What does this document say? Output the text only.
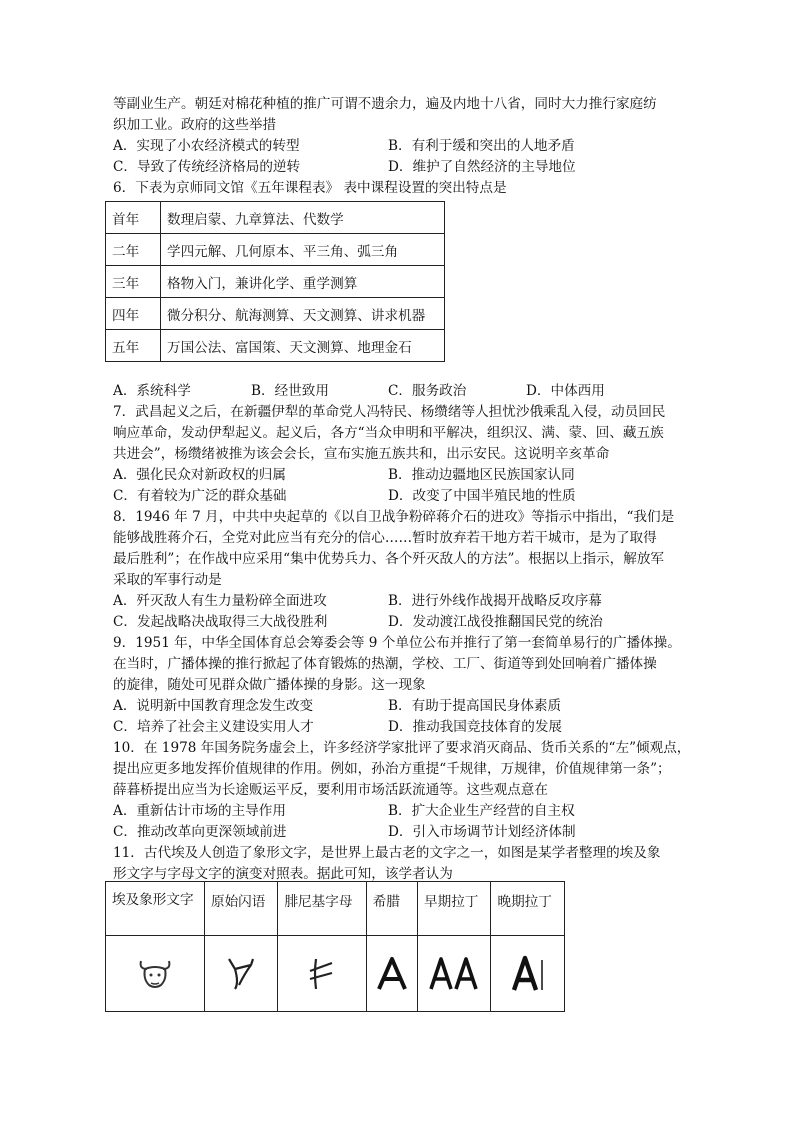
等副业生产。朝廷对棉花种植的推广可谓不遗余力，遍及内地十八省，同时大力推行家庭纺
织加工业。政府的这些举措
A．实现了小农经济模式的转型	B．有利于缓和突出的人地矛盾
C．导致了传统经济格局的逆转	D．维护了自然经济的主导地位
6．下表为京师同文馆《五年课程表》 表中课程设置的突出特点是
首年	数理启蒙、九章算法、代数学
二年	学四元解、几何原本、平三角、弧三角
三年	格物入门，兼讲化学、重学测算
四年	微分积分、航海测算、天文测算、讲求机器
五年	万国公法、富国策、天文测算、地理金石
A．系统科学	B．经世致用	C．服务政治	D．中体西用
7．武昌起义之后，在新疆伊犁的革命党人冯特民、杨缵绪等人担忧沙俄乘乱入侵，动员回民
响应革命，发动伊犁起义。起义后，各方“当众申明和平解决，组织汉、满、蒙、回、藏五族
共进会”，杨缵绪被推为该会会长，宣布实施五族共和，出示安民。这说明辛亥革命
A．强化民众对新政权的归属	B．推动边疆地区民族国家认同
C．有着较为广泛的群众基础	D．改变了中国半殖民地的性质
8．1946 年 7 月，中共中央起草的《以自卫战争粉碎蒋介石的进攻》等指示中指出，“我们是
能够战胜蒋介石，全党对此应当有充分的信心……暂时放弃若干地方若干城市，是为了取得
最后胜利”；在作战中应采用“集中优势兵力、各个歼灭敌人的方法”。根据以上指示，解放军
采取的军事行动是
A．歼灭敌人有生力量粉碎全面进攻	B．进行外线作战揭开战略反攻序幕
C．发起战略决战取得三大战役胜利	D．发动渡江战役推翻国民党的统治
9．1951 年，中华全国体育总会筹委会等 9 个单位公布并推行了第一套简单易行的广播体操。
在当时，广播体操的推行掀起了体育锻炼的热潮，学校、工厂、街道等到处回响着广播体操
的旋律，随处可见群众做广播体操的身影。这一现象
A．说明新中国教育理念发生改变	B．有助于提高国民身体素质
C．培养了社会主义建设实用人才	D．推动我国竞技体育的发展
10．在 1978 年国务院务虚会上，许多经济学家批评了要求消灭商品、货币关系的“左”倾观点，
提出应更多地发挥价值规律的作用。例如，孙治方重提“千规律，万规律，价值规律第一条”；
薛暮桥提出应当为长途贩运平反，要利用市场活跃流通等。这些观点意在
A．重新估计市场的主导作用	B．扩大企业生产经营的自主权
C．推动改革向更深领域前进	D．引入市场调节计划经济体制
11．古代埃及人创造了象形文字，是世界上最古老的文字之一，如图是某学者整理的埃及象
形文字与字母文字的演变对照表。据此可知，该学者认为
埃及象形文字	原始闪语	腓尼基字母	希腊	早期拉丁	晚期拉丁
